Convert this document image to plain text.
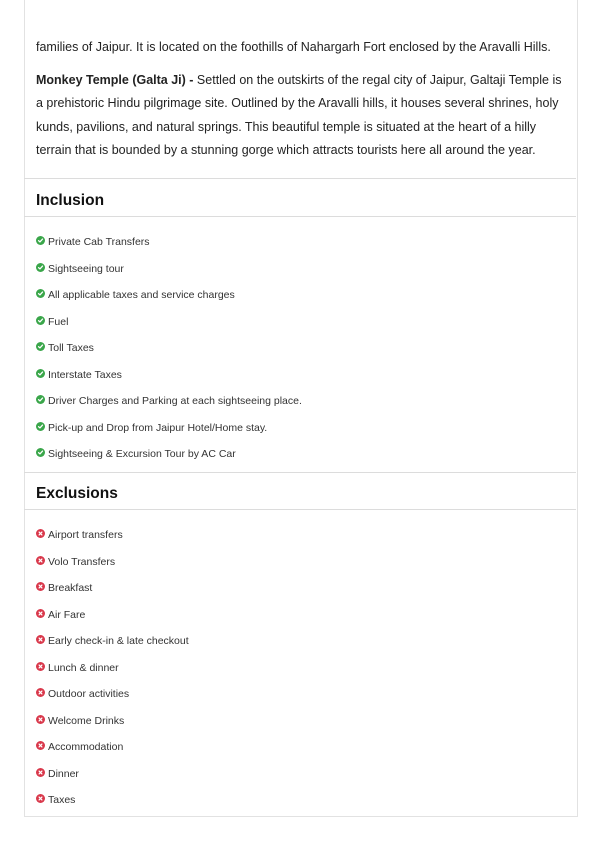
families of Jaipur. It is located on the foothills of Nahargarh Fort enclosed by the Aravalli Hills.

Monkey Temple (Galta Ji) - Settled on the outskirts of the regal city of Jaipur, Galtaji Temple is a prehistoric Hindu pilgrimage site. Outlined by the Aravalli hills, it houses several shrines, holy kunds, pavilions, and natural springs. This beautiful temple is situated at the heart of a hilly terrain that is bounded by a stunning gorge which attracts tourists here all around the year.

Inclusion
Private Cab Transfers
Sightseeing tour
All applicable taxes and service charges
Fuel
Toll Taxes
Interstate Taxes
Driver Charges and Parking at each sightseeing place.
Pick-up and Drop from Jaipur Hotel/Home stay.
Sightseeing & Excursion Tour by AC Car
Exclusions
Airport transfers
Volo Transfers
Breakfast
Air Fare
Early check-in & late checkout
Lunch & dinner
Outdoor activities
Welcome Drinks
Accommodation
Dinner
Taxes
